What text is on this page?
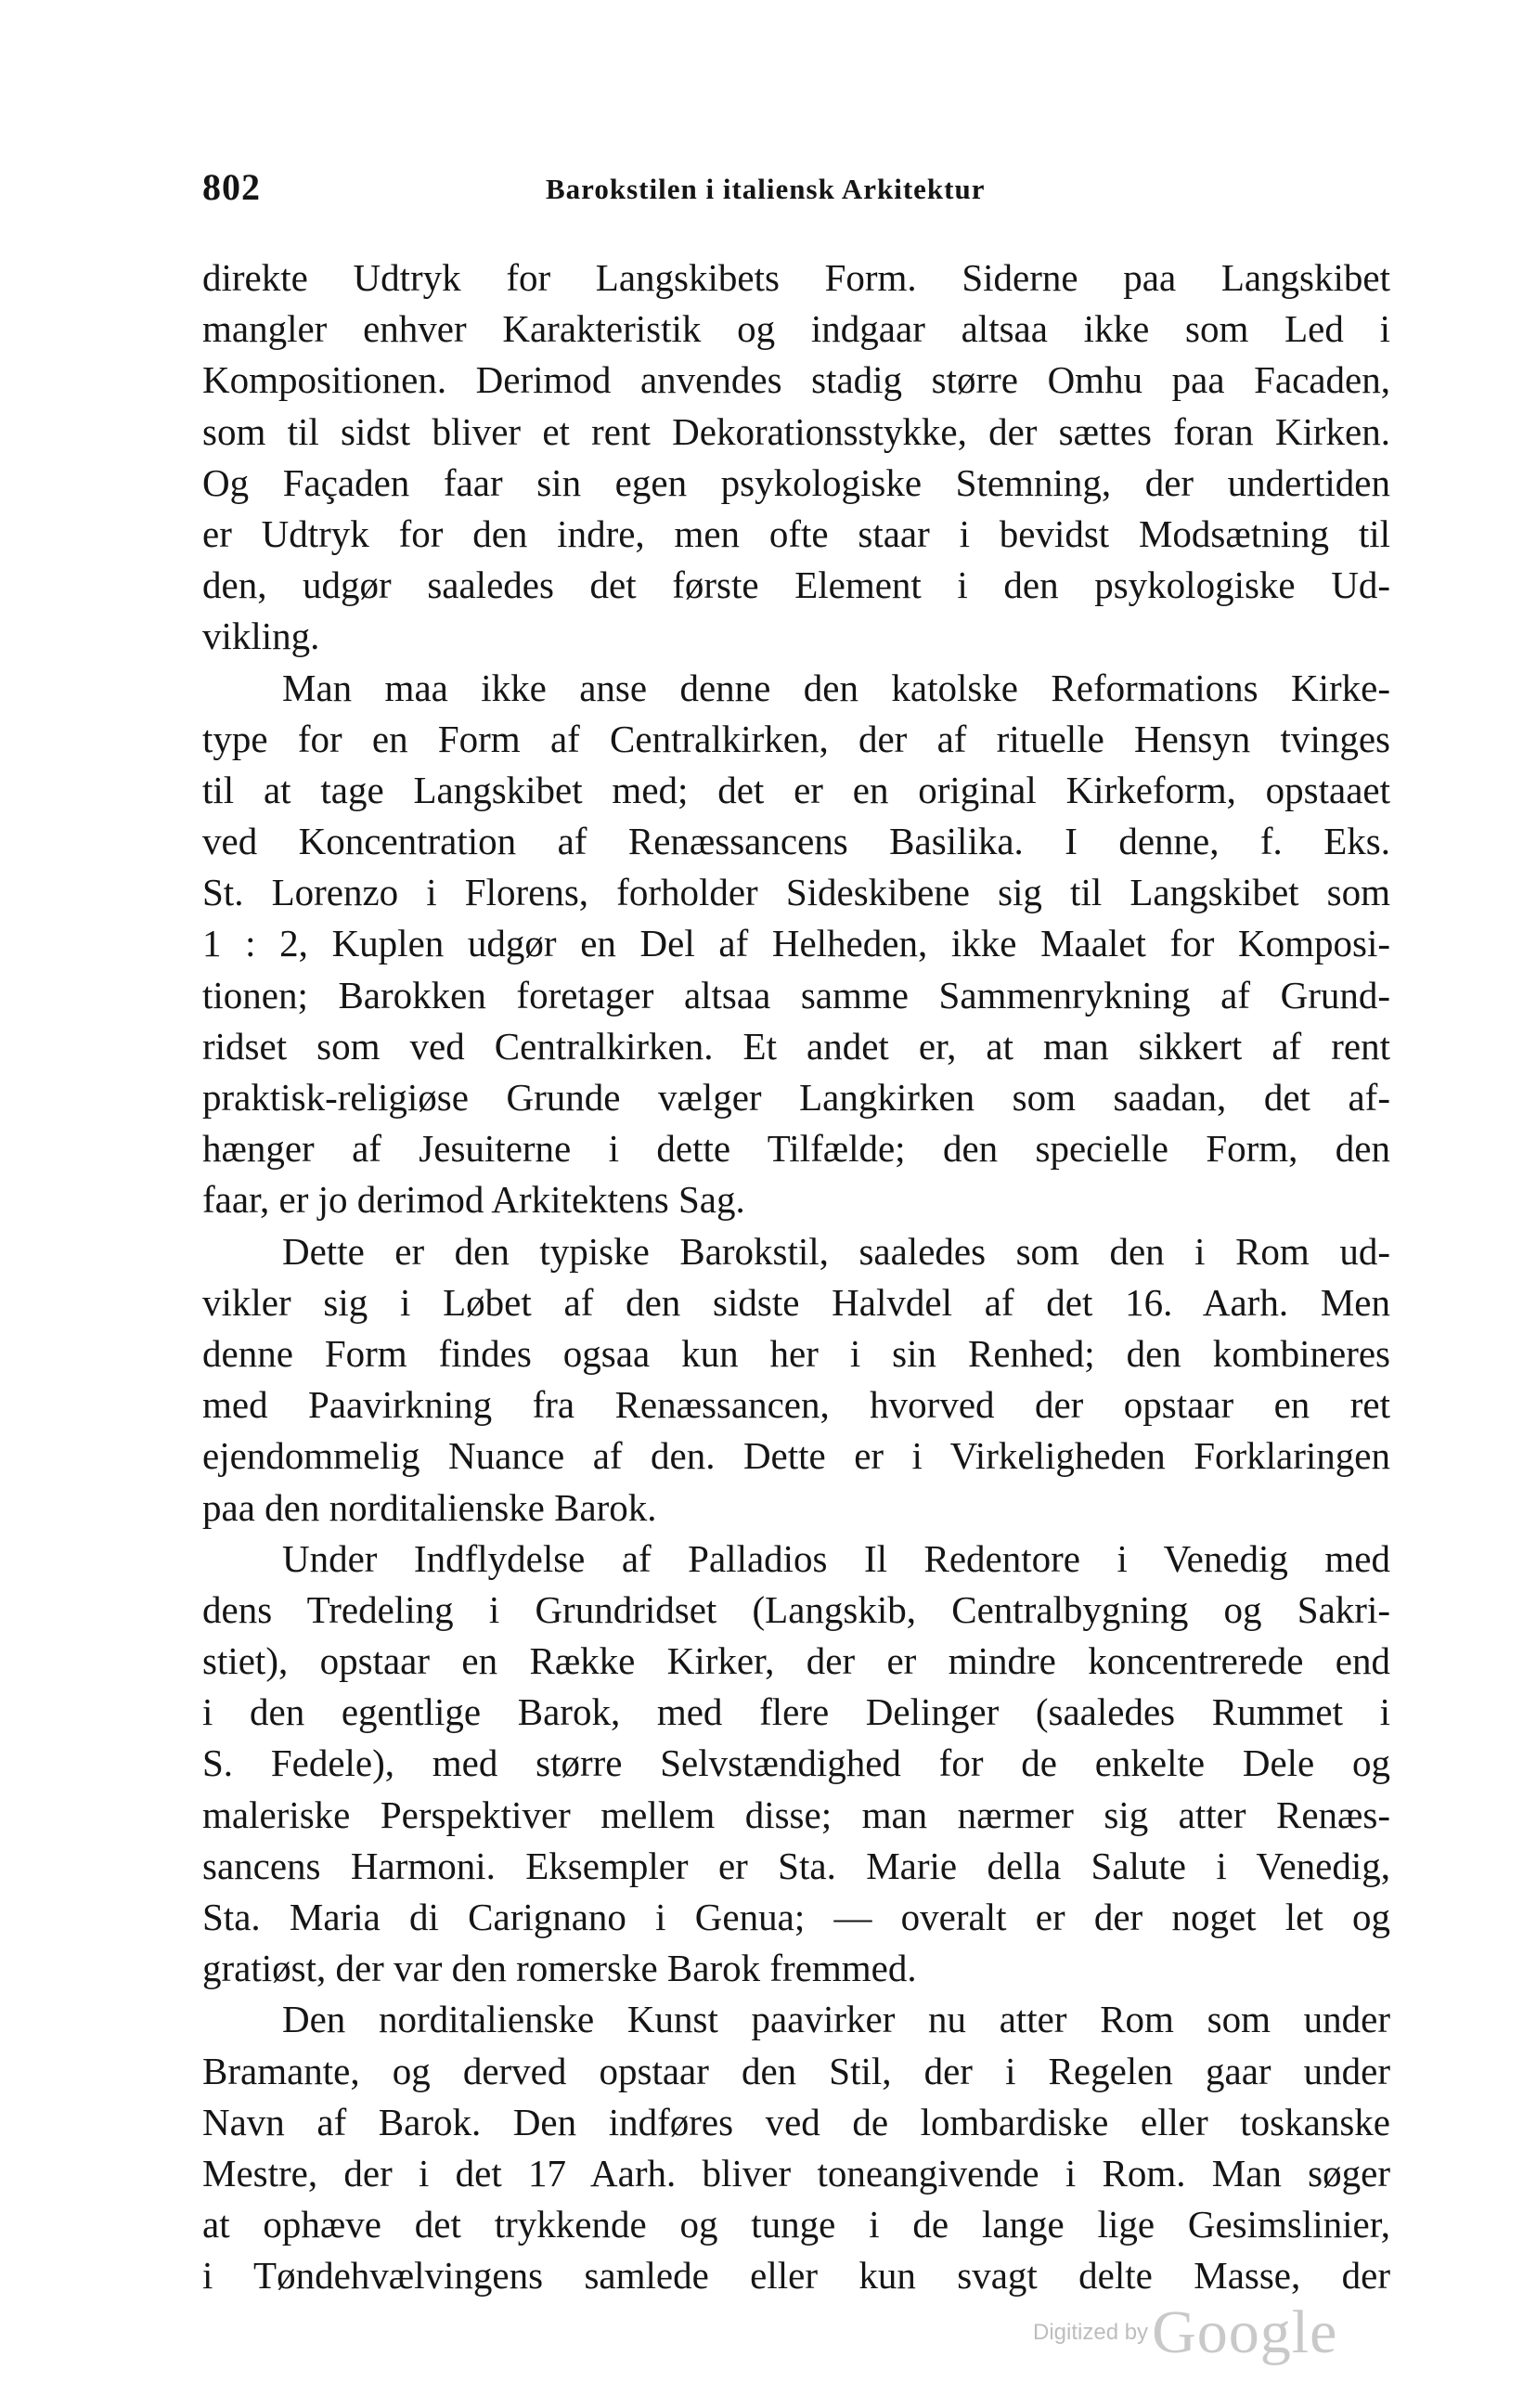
802	Barokstilen i italiensk Arkitektur
direkte Udtryk for Langskibets Form. Siderne paa Langskibet
mangler enhver Karakteristik og indgaar altsaa ikke som Led i
Kompositionen. Derimod anvendes stadig større Omhu paa Facaden,
som til sidst bliver et rent Dekorationsstykke, der sættes foran Kirken.
Og Façaden faar sin egen psykologiske Stemning, der undertiden
er Udtryk for den indre, men ofte staar i bevidst Modsætning til
den, udgør saaledes det første Element i den psykologiske Ud-
vikling.
Man maa ikke anse denne den katolske Reformations Kirke-
type for en Form af Centralkirken, der af rituelle Hensyn tvinges
til at tage Langskibet med; det er en original Kirkeform, opstaaet
ved Koncentration af Renæssancens Basilika. I denne, f. Eks.
St. Lorenzo i Florens, forholder Sideskibene sig til Langskibet som
1 : 2, Kuplen udgør en Del af Helheden, ikke Maalet for Komposi-
tionen; Barokken foretager altsaa samme Sammenrykning af Grund-
ridset som ved Centralkirken. Et andet er, at man sikkert af rent
praktisk-religiøse Grunde vælger Langkirken som saadan, det af-
hænger af Jesuiterne i dette Tilfælde; den specielle Form, den
faar, er jo derimod Arkitektens Sag.
Dette er den typiske Barokstil, saaledes som den i Rom ud-
vikler sig i Løbet af den sidste Halvdel af det 16. Aarh. Men
denne Form findes ogsaa kun her i sin Renhed; den kombineres
med Paavirkning fra Renæssancen, hvorved der opstaar en ret
ejendommelig Nuance af den. Dette er i Virkeligheden Forklaringen
paa den norditalienske Barok.
Under Indflydelse af Palladios Il Redentore i Venedig med
dens Tredeling i Grundridset (Langskib, Centralbygning og Sakri-
stiet), opstaar en Række Kirker, der er mindre koncentrerede end
i den egentlige Barok, med flere Delinger (saaledes Rummet i
S. Fedele), med større Selvstændighed for de enkelte Dele og
maleriske Perspektiver mellem disse; man nærmer sig atter Renæs-
sancens Harmoni. Eksempler er Sta. Marie della Salute i Venedig,
Sta. Maria di Carignano i Genua; — overalt er der noget let og
gratiøst, der var den romerske Barok fremmed.
Den norditalienske Kunst paavirker nu atter Rom som under
Bramante, og derved opstaar den Stil, der i Regelen gaar under
Navn af Barok. Den indføres ved de lombardiske eller toskanske
Mestre, der i det 17 Aarh. bliver toneangivende i Rom. Man søger
at ophæve det trykkende og tunge i de lange lige Gesimslinier,
i Tøndehvælvingens samlede eller kun svagt delte Masse, der
Digitized by Google
